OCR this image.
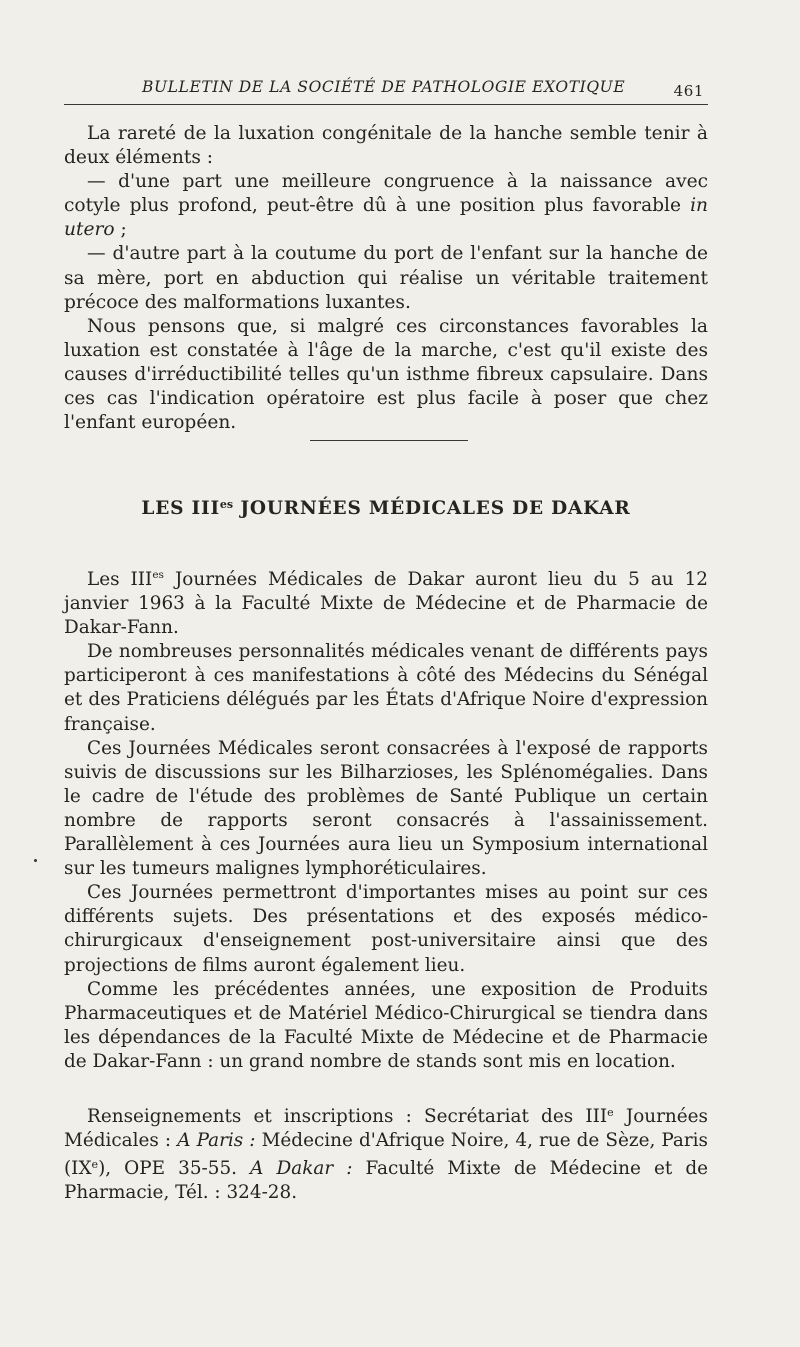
BULLETIN DE LA SOCIÉTÉ DE PATHOLOGIE EXOTIQUE	461

La rareté de la luxation congénitale de la hanche semble tenir à deux éléments :

— d'une part une meilleure congruence à la naissance avec cotyle plus profond, peut-être dû à une position plus favorable in utero ;

— d'autre part à la coutume du port de l'enfant sur la hanche de sa mère, port en abduction qui réalise un véritable traitement précoce des malformations luxantes.

Nous pensons que, si malgré ces circonstances favorables la luxation est constatée à l'âge de la marche, c'est qu'il existe des causes d'irréductibilité telles qu'un isthme fibreux capsulaire. Dans ces cas l'indication opératoire est plus facile à poser que chez l'enfant européen.

LES $III^{es}$ JOURNÉES MÉDICALES DE DAKAR

Les $III^{es}$ Journées Médicales de Dakar auront lieu du 5 au 12 janvier 1963 à la Faculté Mixte de Médecine et de Pharmacie de Dakar-Fann.

De nombreuses personnalités médicales venant de différents pays participeront à ces manifestations à côté des Médecins du Sénégal et des Praticiens délégués par les États d'Afrique Noire d'expression française.

Ces Journées Médicales seront consacrées à l'exposé de rapports suivis de discussions sur les Bilharzioses, les Splénomégalies. Dans le cadre de l'étude des problèmes de Santé Publique un certain nombre de rapports seront consacrés à l'assainissement. Parallèlement à ces Journées aura lieu un Symposium international sur les tumeurs malignes lymphoréticulaires.

Ces Journées permettront d'importantes mises au point sur ces différents sujets. Des présentations et des exposés médico-chirurgicaux d'enseignement post-universitaire ainsi que des projections de films auront également lieu.

Comme les précédentes années, une exposition de Produits Pharmaceutiques et de Matériel Médico-Chirurgical se tiendra dans les dépendances de la Faculté Mixte de Médecine et de Pharmacie de Dakar-Fann : un grand nombre de stands sont mis en location.

Renseignements et inscriptions : Secrétariat des IIIe Journées Médicales : A Paris : Médecine d'Afrique Noire, 4, rue de Sèze, Paris (IXe), OPE 35-55. A Dakar : Faculté Mixte de Médecine et de Pharmacie, Tél. : 324-28.
